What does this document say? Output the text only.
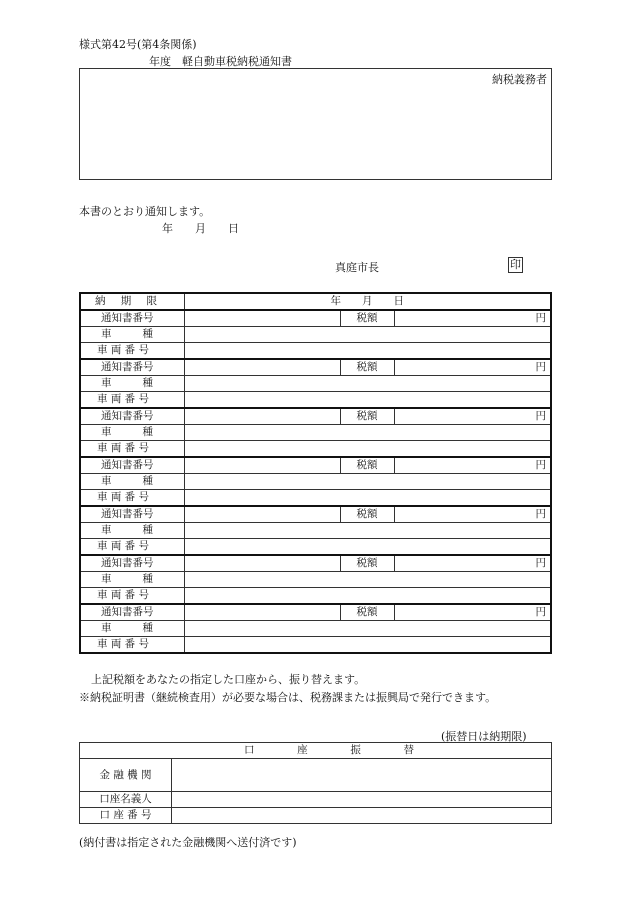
様式第42号(第4条関係)
年度　軽自動車税納税通知書
納税義務者
本書のとおり通知します。
年　　月　　日
真庭市長	印
納 期 限	年　　月　　日		
通知書番号		税額	円

車 種			

車 両 番 号			
通知書番号		税額	円

車 種			

車 両 番 号			
通知書番号		税額	円

車 種			

車 両 番 号			
通知書番号		税額	円

車 種			

車 両 番 号			
通知書番号		税額	円

車 種			

車 両 番 号			
通知書番号		税額	円

車 種			

車 両 番 号			
通知書番号		税額	円

車 種			

車 両 番 号			
上記税額をあなたの指定した口座から、振り替えます。
※納税証明書（継続検査用）が必要な場合は、税務課または振興局で発行できます。
(振替日は納期限)
口 座 振 替	

金 融 機 関	
口座名義人	
口 座 番 号	
(納付書は指定された金融機関へ送付済です)
